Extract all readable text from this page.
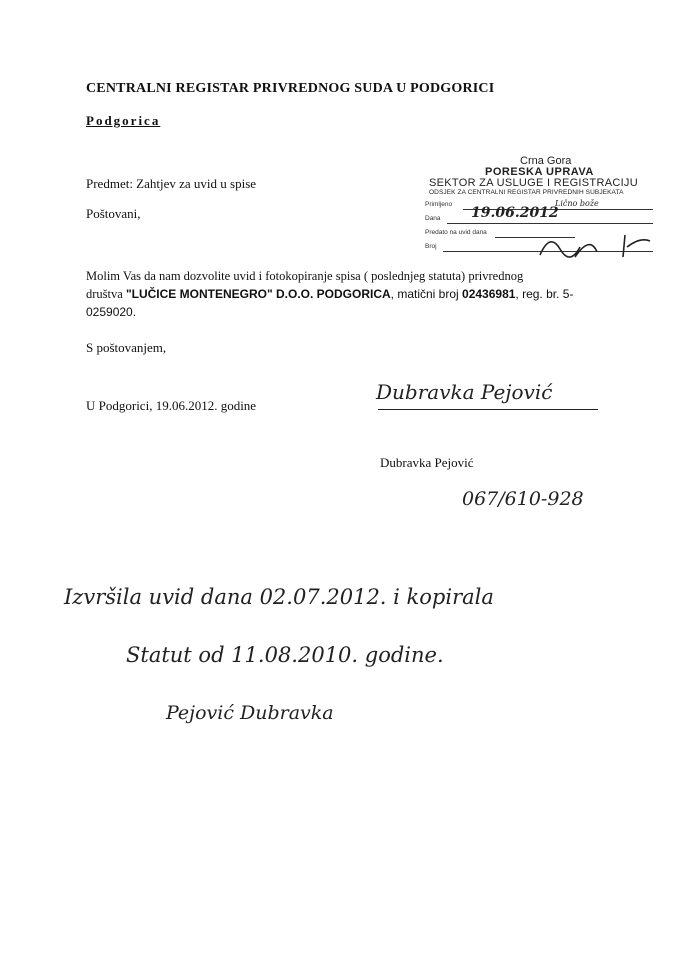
CENTRALNI REGISTAR PRIVREDNOG SUDA U PODGORICI
Podgorica
Predmet: Zahtjev za uvid u spise
Poštovani,
Crna Gora
PORESKA UPRAVA
SEKTOR ZA USLUGE I REGISTRACIJU
ODSJEK ZA CENTRALNI REGISTAR PRIVREDNIH SUBJEKATA
Primljeno
Dana
Predato na uvid dana
Broj
19.06.2012
Lično bože
Molim Vas da nam dozvolite uvid i fotokopiranje spisa ( poslednjeg statuta) privrednog
društva "LUČICE MONTENEGRO" D.O.O. PODGORICA, matični broj 02436981, reg. br. 5-0259020.
S poštovanjem,
U Podgorici, 19.06.2012. godine
Dubravka Pejović
Dubravka Pejović
067/610-928
Izvršila uvid dana 02.07.2012. i kopirala
Statut od 11.08.2010. godine.
Pejović Dubravka
